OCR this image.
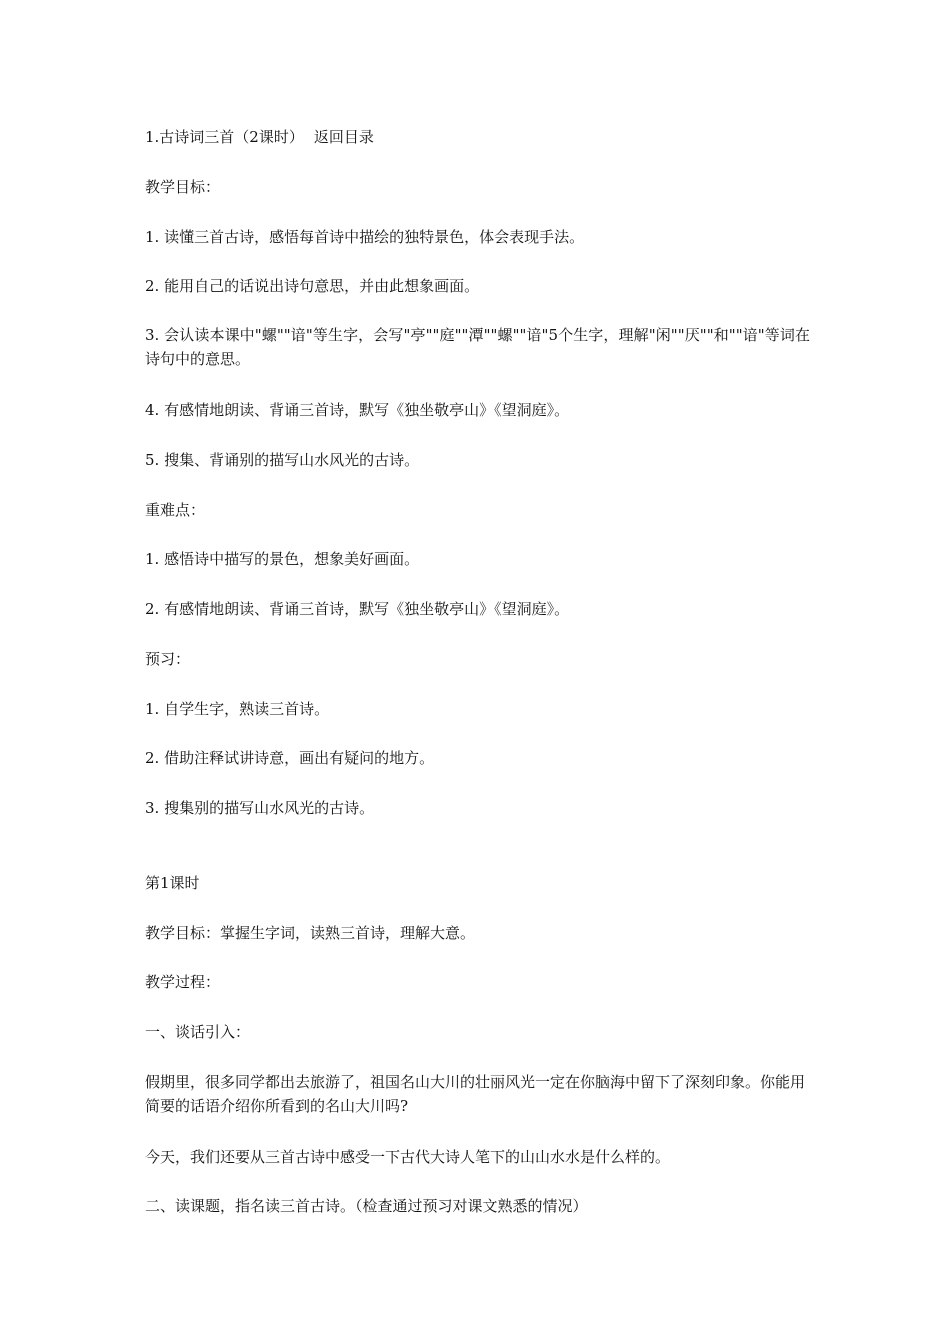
1.古诗词三首（2课时） 返回目录
教学目标：
1. 读懂三首古诗，感悟每首诗中描绘的独特景色，体会表现手法。
2. 能用自己的话说出诗句意思，并由此想象画面。
3. 会认读本课中"螺""谙"等生字，会写"亭""庭""潭""螺""谙"5个生字，理解"闲""厌""和""谙"等词在诗句中的意思。
4. 有感情地朗读、背诵三首诗，默写《独坐敬亭山》《望洞庭》。
5. 搜集、背诵别的描写山水风光的古诗。
重难点：
1. 感悟诗中描写的景色，想象美好画面。
2. 有感情地朗读、背诵三首诗，默写《独坐敬亭山》《望洞庭》。
预习：
1. 自学生字，熟读三首诗。
2. 借助注释试讲诗意，画出有疑问的地方。
3. 搜集别的描写山水风光的古诗。
第1课时
教学目标：掌握生字词，读熟三首诗，理解大意。
教学过程：
一、谈话引入：
假期里，很多同学都出去旅游了，祖国名山大川的壮丽风光一定在你脑海中留下了深刻印象。你能用简要的话语介绍你所看到的名山大川吗?
今天，我们还要从三首古诗中感受一下古代大诗人笔下的山山水水是什么样的。
二、读课题，指名读三首古诗。（检查通过预习对课文熟悉的情况）
